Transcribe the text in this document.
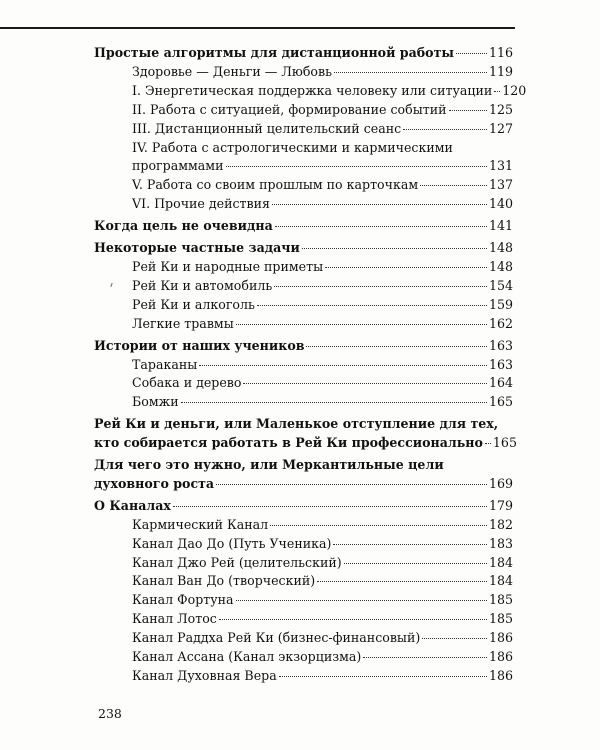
Простые алгоритмы для дистанционной работы	116
Здоровье — Деньги — Любовь	119
I. Энергетическая поддержка человеку или ситуации 120
II. Работа с ситуацией, формирование событий	125
III. Дистанционный целительский сеанс	127
IV. Работа с астрологическими и кармическими
программами	131
V. Работа со своим прошлым по карточкам	137
VI. Прочие действия	140
Когда цель не очевидна	141
Некоторые частные задачи	148
Рей Ки и народные приметы	148
Рей Ки и автомобиль	154
Рей Ки и алкоголь	159
Легкие травмы	162
Истории от наших учеников	163
Тараканы	163
Собака и дерево	164
Бомжи	165
Рей Ки и деньги, или Маленькое отступление для тех,
кто собирается работать в Рей Ки профессионально 165
Для чего это нужно, или Меркантильные цели
духовного роста	169
О Каналах	179
Кармический Канал	182
Канал Дао До (Путь Ученика)	183
Канал Джо Рей (целительский)	184
Канал Ван До (творческий)	184
Канал Фортуна	185
Канал Лотос	185
Канал Раддха Рей Ки (бизнес-финансовый)	186
Канал Ассана (Канал экзорцизма)	186
Канал Духовная Вера	186
238
